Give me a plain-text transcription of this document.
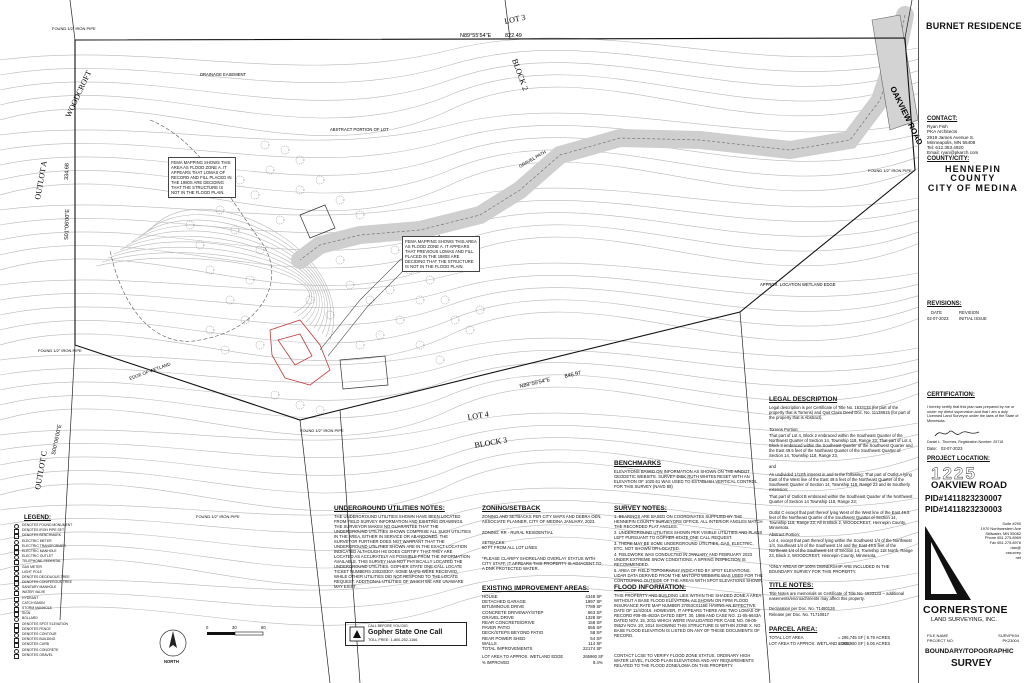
OAKVIEW ROAD
N89°55'54"E	822.49
N89°55'54"E
846.97
LOT 3
BLOCK 2
LOT 4
BLOCK 3
OUTLOT A
OUTLOT C
WOODCROFT
334.68
S01°06'00"E
S00°06'00"E
EDGE OF WETLAND
APPROX. LOCATION WETLAND EDGE
DRAINAGE EASEMENT
ABSTRACT PORTION OF LOT
GRAVEL PATH
FOUND 1/2" IRON PIPE
FOUND 1/2" IRON PIPE
FOUND 1/2" IRON PIPE
FOUND 1/2" IRON PIPE
FOUND 1/2" IRON PIPE
FEMA MAPPING SHOWS THIS AREA AS FLOOD ZONE A. IT APPEARS THAT LOMAS OF RECORD AND FILL PLACED IN THE 1980S ARE DECIDING THAT THE STRUCTURE IS NOT IN THE FLOOD PLAIN.
FEMA MAPPING SHOWS THIS AREA AS FLOOD ZONE A. IT APPEARS THAT PREVIOUS LOMAS AND FILL PLACED IN THE 1980S ARE DECIDING THAT THE STRUCTURE IS NOT IN THE FLOOD PLAIN.
LEGEND:
DENOTES FOUND MONUMENT
DENOTES IRON PIPE SET
DENOTES BENCHMARK
ELECTRIC METER
ELECTRIC TRANSFORMER
ELECTRIC MANHOLE
ELECTRIC OUTLET
TELEPHONE PEDESTAL
GAS METER
LIGHT POLE
DENOTES DECIDUOUS TREE
DENOTES CONIFEROUS TREE
SANITARY MANHOLE
WATER VALVE
HYDRANT
CATCH BASIN
STORM MANHOLE
SIGN
BOLLARD
DENOTES SPOT ELEVATION
DENOTES FENCE
DENOTES CONTOUR
DENOTES BUILDING
DENOTES CURB
DENOTES CONCRETE
DENOTES GRAVEL
0	30	60
NORTH
UNDERGROUND UTILITIES NOTES:
THE UNDERGROUND UTILITIES SHOWN HAVE BEEN LOCATED FROM FIELD SURVEY INFORMATION AND EXISTING DRAWINGS. THE SURVEYOR MAKES NO GUARANTEE THAT THE UNDERGROUND UTILITIES SHOWN COMPRISE ALL SUCH UTILITIES IN THE AREA, EITHER IN SERVICE OR ABANDONED. THE SURVEYOR FURTHER DOES NOT WARRANT THAT THE UNDERGROUND UTILITIES SHOWN ARE IN THE EXACT LOCATION INDICATED ALTHOUGH HE DOES CERTIFY THAT THEY ARE LOCATED AS ACCURATELY AS POSSIBLE FROM THE INFORMATION AVAILABLE. THIS SURVEY HAS NOT PHYSICALLY LOCATED THE UNDERGROUND UTILITIES. GOPHER STATE ONE CALL LOCATE TICKET NUMBERS 230230307. SOME MAPS WERE RECEIVED, WHILE OTHER UTILITIES DID NOT RESPOND TO THE LOCATE REQUEST. ADDITIONAL UTILITIES OF WHICH WE ARE UNAWARE MAY EXIST.
CALL BEFORE YOU DIG
Gopher State One Call
TOLL FREE: 1-800-252-1166
ZONING/SETBACK
ZONING AND SETBACKS PER CITY MAPS AND DEBRA OEN, ASSOCIATE PLANNER, CITY OF MEDINA JANUARY, 2023.
ZONING: RR - RURAL RESIDENTIAL
SETBACKS:
50 FT FROM ALL LOT LINES
*PLEASE CLARIFY SHORELAND OVERLAY STATUS WITH CITY STAFF. IT APPEARS THIS PROPERTY IS ADJACENT TO A DNR PROTECTED WATER.
EXISTING IMPROVEMENT AREAS:
HOUSE	4348 SF
DETACHED GARAGE	1897 SF
BITUMINOUS DRIVE	7789 SF
CONCRETE DRIVEWAY/STEP	663 SF
GRAVEL DRIVE	1328 SF
REAR CONCRETE/DRIVE	158 SF
PAVER PATIO	555 SF
DECK/STEPS BEYOND PATIO	58 SF
REAR POWER SHED	54 SF
WALLS	114 SF
TOTAL IMPROVEMENTS	22174 SF
LOT AREA TO APPROX. WETLAND EDGE	265960 SF
% IMPROVED	8.4%
BENCHMARKS
ELEVATIONS BASED ON INFORMATION AS SHOWN ON THE MNDOT GEODETIC WEBSITE. SURVEY DISK RUTH WHITE5 RESET WITH AN ELEVATION OF 1020.61 WAS USED TO ESTABLISH VERTICAL CONTROL FOR THIS SURVEY (NAVD 88)
SURVEY NOTES:
1. BEARINGS ARE BASED ON COORDINATES SUPPLIED BY THE HENNEPIN COUNTY SURVEYORS OFFICE. ALL INTERIOR ANGLES MATCH THE RECORDED PLAT ANGLES.
2. UNDERGROUND UTILITIES SHOWN PER VISIBLE UTILITIES AND PLANS LEFT PURSUANT TO GOPHER STATE ONE CALL REQUEST.
3. THERE MAY BE SOME UNDERGROUND UTILITIES, GAS, ELECTRIC, ETC. NOT SHOWN OR LOCATED.
4. FIELDWORK WAS CONDUCTED IN JANUARY AND FEBRUARY 2023 UNDER EXTREME SNOW CONDITIONS. A SPRING INSPECTION IS RECOMMENDED.
5. AREA OF FIELD TOPOGRAPHY INDICATED BY SPOT ELEVATIONS. LIDAR DATA DERIVED FROM THE MNTOPO WEBSITE WAS USED FOR THE CONTOURING OUTSIDE OF THE AREAS WITH SPOT ELEVATIONS SHOWN.
FLOOD INFORMATION:
THIS PROPERTY AND BUILDING LIES WITHIN THE SHADED ZONE A AREA WITHOUT A BASE FLOOD ELEVATION, AS SHOWN ON FIRM FLOOD INSURANCE RATE MAP NUMBER 27053C0116E HAVING AN EFFECTIVE DATE OF 11/4/2016. HOWEVER, IT APPEARS THERE ARE TWO LOMAS OF RECORD #08-05-4633A DATED SEPT. 30, 1988 AND CASE NO. 11-05-6643A DATED NOV. 15, 2011 WHICH WERE INVALIDATED PER CASE NO. 08-05-0552V NOV. 20, 2014 SHOWING THIS STRUCTURE IS WITHIN ZONE X. NO BASE FLOOD ELEVATION IS LISTED ON ANY OF THESE DOCUMENTS OF RECORD.
CONTACT LCSE TO VERIFY FLOOD ZONE STATUS, ORDINARY HIGH WATER LEVEL, FLOOD PLAIN ELEVATIONS AND ANY REQUIREMENTS RELATED TO THE FLOOD ZONE/LOMA ON THIS PROPERTY.
LEGAL DESCRIPTION
Legal description is per Certificate of Title No. 1533133 (for part of the property that is Torrens) and Quit Claim Deed Doc. No. 11138615 (for part of the property that is Abstract).
Torrens Portion:
That part of Lot 4, Block 2 embraced within the Southeast Quarter of the Northwest Quarter of Section 14, Township 118, Range 23; That part of Lot 4, Block 3 embraced within the Southeast Quarter of the Southwest Quarter and the East 49.5 feet of the Northeast Quarter of the Southwest Quarter of Section 14, Township 118, Range 23,
and
An undivided 1/12th interest in and to the following: That part of Outlot A lying East of the West line of the East 49.5 feet of the Northeast Quarter of the Southwest Quarter of Section 14, Township 118, Range 23 and its Southerly extension;
That part of Outlot B embraced within the Southeast Quarter of the Northwest Quarter of Section 14 Township 118, Range 23;
Outlot C except that part thereof lying West of the West line of the East 49.5 feet of the Northeast Quarter of the Southwest Quarter of Section 14, Township 118, Range 23; All in Block 2, WOODCREST, Hennepin County, Minnesota.
Abstract Portion:
Lot 4, except that part thereof lying within the Southwest 1/4 of the Northwest 1/4, Southeast 1/4 of the Southwest 1/4 and the East 49.5 feet of the Northeast 1/4 of the Southwest 1/4 of Section 14, Township 118 North, Range 23, Block 2, WOODCREST, Hennepin County, Minnesota.
*ONLY AREAS OF 100% OWNERSHIP ARE INCLUDED IN THE BOUNDARY SURVEY FOR THIS PROPERTY.
TITLE NOTES:
Title Notes are memorials on Certificate of Title No. 1533133 -- additional easements/encroachments may affect this property.
Declaration per Doc. No. T1480126
Release per Doc. No. T1710817
PARCEL AREA:
TOTAL LOT AREA	= 295,745 SF | 6.79 ACRES
LOT AREA TO APPROX. WETLAND EDGE
= 265,960 SF | 6.06 ACRES
BURNET RESIDENCE
CONTACT:
Ryan Fish
PKA Architects
2919 James Avenue S.
Minneapolis, MN 55408
Tel: 612.353.4920
Email: ryan@pkarch.com
COUNTY/CITY:
HENNEPIN COUNTY
CITY OF MEDINA
REVISIONS:
DATE	REVISION
02-07-2023	INITIAL ISSUE
CERTIFICATION:
I hereby certify that this plan was prepared by me or under my direct supervision and that I am a duly Licensed Land Surveyor under the laws of the State of Minnesota.
Daniel L. Thurmes, Registration Number: 25718
Date: 02-07-2023
PROJECT LOCATION:
1225
OAKVIEW ROAD
PID#1411823230007
PID#1411823230003
Suite #290
1970 Northwestern Ave
Stillwater, MN 55082
Phone 651.275.8969
Fax 651.275.8976
dan@
cssurvey
net
CORNERSTONE
LAND SURVEYING, INC.
FILE NAME	SURVPK94
PROJECT NO.	PK23004
BOUNDARY/TOPOGRAPHIC
SURVEY
